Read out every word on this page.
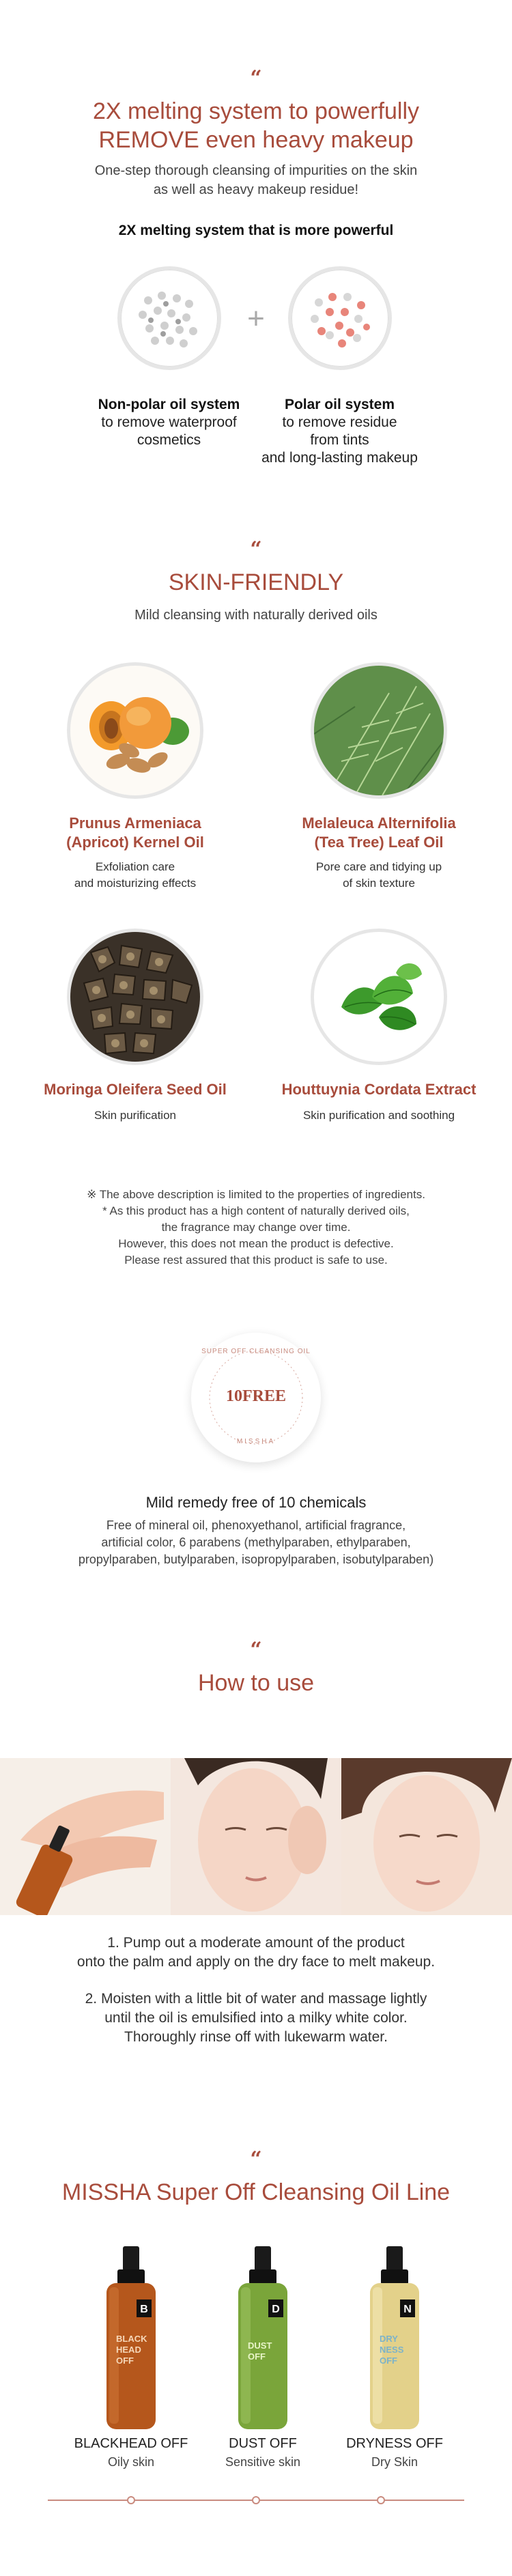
“
2X melting system to powerfully
REMOVE even heavy makeup
One-step thorough cleansing of impurities on the skin
as well as heavy makeup residue!
2X melting system that is more powerful
+
Non-polar oil system
to remove waterproof
cosmetics
Polar oil system
to remove residue
from tints
and long-lasting makeup
“
SKIN-FRIENDLY
Mild cleansing with naturally derived oils
Prunus Armeniaca
(Apricot) Kernel Oil
Exfoliation care
and moisturizing effects
Melaleuca Alternifolia
(Tea Tree) Leaf Oil
Pore care and tidying up
of skin texture
Moringa Oleifera Seed Oil
Skin purification
Houttuynia Cordata Extract
Skin purification and soothing
※ The above description is limited to the properties of ingredients.
* As this product has a high content of naturally derived oils,
the fragrance may change over time.
However, this does not mean the product is defective.
Please rest assured that this product is safe to use.
SUPER OFF CLEANSING OIL
10FREE
MISSHA
Mild remedy free of 10 chemicals
Free of mineral oil, phenoxyethanol, artificial fragrance,
artificial color, 6 parabens (methylparaben, ethylparaben,
propylparaben, butylparaben, isopropylparaben, isobutylparaben)
“
How to use
1. Pump out a moderate amount of the product
onto the palm and apply on the dry face to melt makeup.
2. Moisten with a little bit of water and massage lightly
until the oil is emulsified into a milky white color.
Thoroughly rinse off with lukewarm water.
“
MISSHA Super Off Cleansing Oil Line
B
BLACK
HEAD
OFF
BLACKHEAD OFF
Oily skin
D
DUST
OFF
DUST OFF
Sensitive skin
N
DRY
NESS
OFF
DRYNESS OFF
Dry Skin
